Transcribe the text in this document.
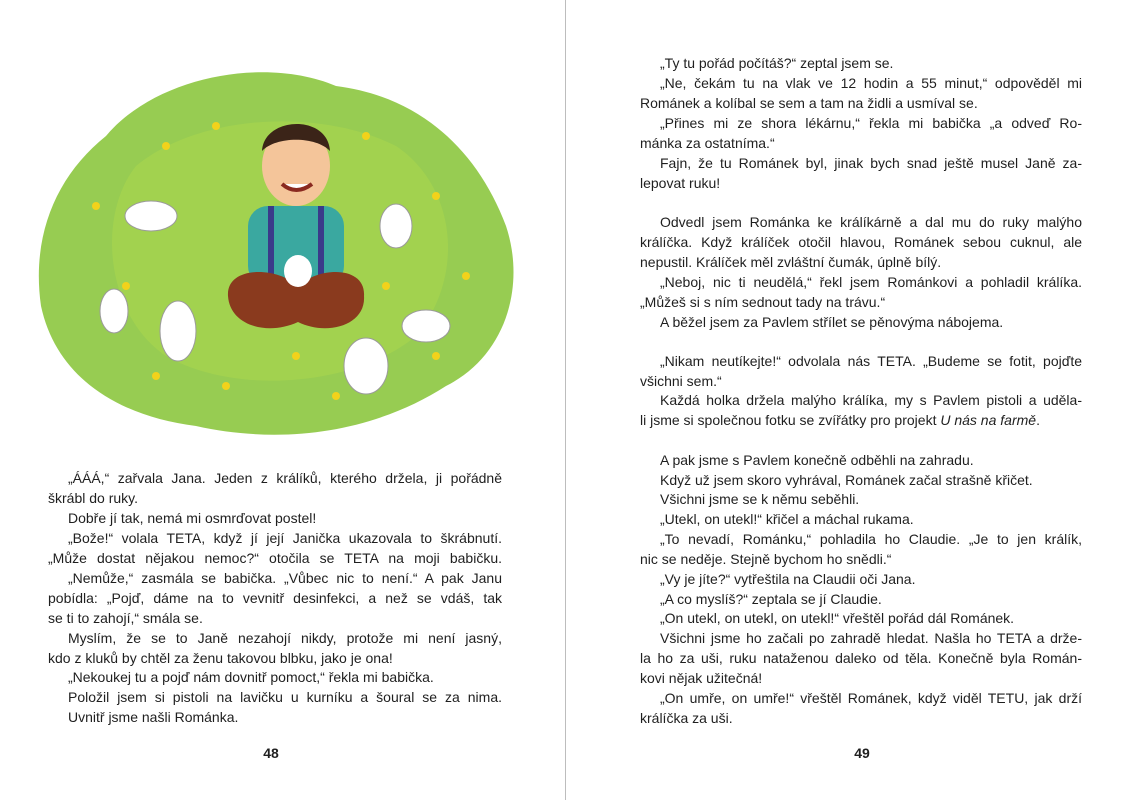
„ÁÁÁ,“ zařvala Jana. Jeden z králíků, kterého držela, ji pořádně
škrábl do ruky.
Dobře jí tak, nemá mi osmrďovat postel!
„Bože!“ volala TETA, když jí její Janička ukazovala to škrábnutí.
„Může dostat nějakou nemoc?“ otočila se TETA na moji babičku.
„Nemůže,“ zasmála se babička. „Vůbec nic to není.“ A pak Janu
pobídla: „Pojď, dáme na to vevnitř desinfekci, a než se vdáš, tak
se ti to zahojí,“ smála se.
Myslím, že se to Janě nezahojí nikdy, protože mi není jasný,
kdo z kluků by chtěl za ženu takovou blbku, jako je ona!
„Nekoukej tu a pojď nám dovnitř pomoct,“ řekla mi babička.
Položil jsem si pistoli na lavičku u kurníku a šoural se za nima.
Uvnitř jsme našli Románka.
48
„Ty tu pořád počítáš?“ zeptal jsem se.
„Ne, čekám tu na vlak ve 12 hodin a 55 minut,“ odpověděl mi
Románek a kolíbal se sem a tam na židli a usmíval se.
„Přines mi ze shora lékárnu,“ řekla mi babička „a odveď Ro-
mánka za ostatníma.“
Fajn, že tu Románek byl, jinak bych snad ještě musel Janě za-
lepovat ruku!
Odvedl jsem Románka ke králíkárně a dal mu do ruky malýho
králíčka. Když králíček otočil hlavou, Románek sebou cuknul, ale
nepustil. Králíček měl zvláštní čumák, úplně bílý.
„Neboj, nic ti neudělá,“ řekl jsem Románkovi a pohladil králíka.
„Můžeš si s ním sednout tady na trávu.“
A běžel jsem za Pavlem střílet se pěnovýma nábojema.
„Nikam neutíkejte!“ odvolala nás TETA. „Budeme se fotit, pojďte
všichni sem.“
Každá holka držela malýho králíka, my s Pavlem pistoli a uděla-
li jsme si společnou fotku se zvířátky pro projekt U nás na farmě.
A pak jsme s Pavlem konečně odběhli na zahradu.
Když už jsem skoro vyhrával, Románek začal strašně křičet.
Všichni jsme se k němu seběhli.
„Utekl, on utekl!“ křičel a máchal rukama.
„To nevadí, Románku,“ pohladila ho Claudie. „Je to jen králík,
nic se neděje. Stejně bychom ho snědli.“
„Vy je jíte?“ vytřeštila na Claudii oči Jana.
„A co myslíš?“ zeptala se jí Claudie.
„On utekl, on utekl, on utekl!“ vřeštěl pořád dál Románek.
Všichni jsme ho začali po zahradě hledat. Našla ho TETA a drže-
la ho za uši, ruku nataženou daleko od těla. Konečně byla Román-
kovi nějak užitečná!
„On umře, on umře!“ vřeštěl Románek, když viděl TETU, jak drží
králíčka za uši.
49
